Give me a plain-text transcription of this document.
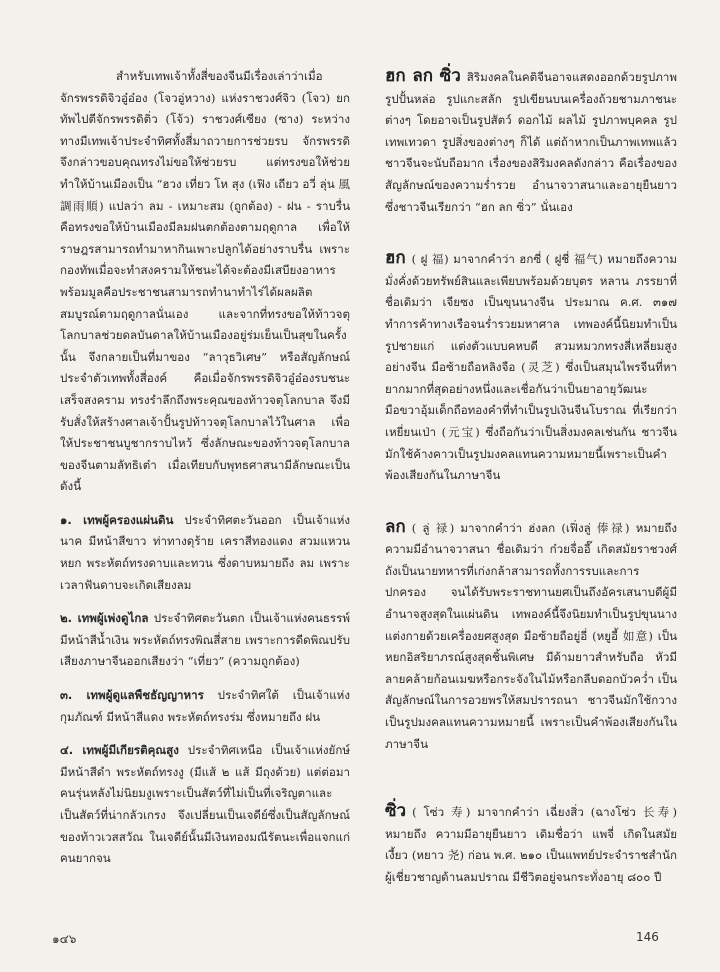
สำหรับเทพเจ้าทั้งสี่ของจีนมีเรื่องเล่าว่าเมื่อจักรพรรดิจิวอู๋อ๋อง (โจวอู่หวาง) แห่งราชวงศ์จิว (โจว) ยกทัพไปตีจักรพรรดิติ่ว (โจ้ว) ราชวงศ์เซียง (ซาง) ระหว่างทางมีเทพเจ้าประจำทิศทั้งสี่มาถวายการช่วยรบ จักรพรรดิจึงกล่าวขอบคุณทรงไม่ขอให้ช่วยรบ แต่ทรงขอให้ช่วยทำให้บ้านเมืองเป็น “ฮวง เที่ยว โห สุง (เฟิง เถียว อวี่ ลุ่น 風調雨順) แปลว่า ลม - เหมาะสม (ถูกต้อง) - ฝน - ราบรื่น คือทรงขอให้บ้านเมืองมีลมฝนตกต้องตามฤดูกาล เพื่อให้ราษฎรสามารถทำมาหากินเพาะปลูกได้อย่างราบรื่น เพราะกองทัพเมื่อจะทำสงครามให้ชนะได้จะต้องมีเสบียงอาหารพร้อมมูลคือประชาชนสามารถทำนาทำไร่ได้ผลผลิตสมบูรณ์ตามฤดูกาลนั่นเอง และจากที่ทรงขอให้ท้าวจตุโลกบาลช่วยดลบันดาลให้บ้านเมืองอยู่ร่มเย็นเป็นสุขในครั้งนั้น จึงกลายเป็นที่มาของ “ลาวุธวิเศษ” หรือสัญลักษณ์ประจำตัวเทพทั้งสี่องค์ คือเมื่อจักรพรรดิจิวอู๋อ๋องรบชนะเสร็จสงคราม ทรงรำลึกถึงพระคุณของท้าวจตุโลกบาล จึงมีรับสั่งให้สร้างศาลเจ้าปั้นรูปท้าวจตุโลกบาลไว้ในศาล เพื่อให้ประชาชนบูชากราบไหว้ ซึ่งลักษณะของท้าวจตุโลกบาลของจีนตามลัทธิเต๋า เมื่อเทียบกับพุทธศาสนามีลักษณะเป็นดังนี้

๑. เทพผู้ครองแผ่นดิน ประจำทิศตะวันออก เป็นเจ้าแห่งนาค มีหน้าสีขาว ท่าทางดุร้าย เคราสีทองแดง สวมแหวนหยก พระหัตถ์ทรงดาบและทวน ซึ่งดาบหมายถึง ลม เพราะเวลาฟันดาบจะเกิดเสียงลม

๒. เทพผู้เพ่งดูไกล ประจำทิศตะวันตก เป็นเจ้าแห่งคนธรรพ์ มีหน้าสีน้ำเงิน พระหัตถ์ทรงพิณสี่สาย เพราะการดีดพิณปรับเสียงภาษาจีนออกเสียงว่า “เที่ยว” (ความถูกต้อง)

๓. เทพผู้ดูแลพืชธัญญาหาร ประจำทิศใต้ เป็นเจ้าแห่งกุมภัณฑ์ มีหน้าสีแดง พระหัตถ์ทรงร่ม ซึ่งหมายถึง ฝน

๔. เทพผู้มีเกียรติคุณสูง ประจำทิศเหนือ เป็นเจ้าแห่งยักษ์ มีหน้าสีดำ พระหัตถ์ทรงงู (มีแส้ ๒ แส้ มีถุงด้วย) แต่ต่อมาคนรุ่นหลังไม่นิยมงูเพราะเป็นสัตว์ที่ไม่เป็นที่เจริญตาและเป็นสัตว์ที่น่ากลัวเกรง จึงเปลี่ยนเป็นเจดีย์ซึ่งเป็นสัญลักษณ์ของท้าวเวสสวัณ ในเจดีย์นั้นมีเงินทองมณีรัตนะเพื่อแจกแก่คนยากจน

ฮก ลก ซิ่ว สิริมงคลในคติจีนอาจแสดงออกด้วยรูปภาพ รูปปั้นหล่อ รูปแกะสลัก รูปเขียนบนเครื่องถ้วยชามภาชนะต่างๆ โดยอาจเป็นรูปสัตว์ ดอกไม้ ผลไม้ รูปภาพบุคคล รูปเทพเทวดา รูปสิ่งของต่างๆ ก็ได้ แต่ถ้าหากเป็นภาพเทพแล้วชาวจีนจะนับถือมาก เรื่องของสิริมงคลดังกล่าว คือเรื่องของสัญลักษณ์ของความร่ำรวย อำนาจวาสนาและอายุยืนยาว ซึ่งชาวจีนเรียกว่า “ฮก ลก ซิ่ว” นั่นเอง

ฮก ( ฝู 福) มาจากคำว่า ฮกซี่ ( ฝูชี่ 福气) หมายถึงความมั่งคั่งด้วยทรัพย์สินและเพียบพร้อมด้วยบุตร หลาน ภรรยาที่ ชื่อเดิมว่า เจียซง เป็นขุนนางจีน ประมาณ ค.ศ. ๓๑๗ ทำการค้าทางเรือจนร่ำรวยมหาศาล เทพองค์นี้นิยมทำเป็นรูปชายแก่ แต่งตัวแบบคหบดี สวมหมวกทรงสี่เหลี่ยมสูงอย่างจีน มือซ้ายถือหลิงจือ (灵芝) ซึ่งเป็นสมุนไพรจีนที่หายากมากที่สุดอย่างหนึ่งและเชื่อกันว่าเป็นยาอายุวัฒนะ มือขวาอุ้มเด็กถือทองคำที่ทำเป็นรูปเงินจีนโบราณ ที่เรียกว่า เหยี่ยนเป่า (元宝) ซึ่งถือกันว่าเป็นสิ่งมงคลเช่นกัน ชาวจีนมักใช้ค้างคาวเป็นรูปมงคลแทนความหมายนี้เพราะเป็นคำพ้องเสียงกันในภาษาจีน

ลก ( ลู่ 禄) มาจากคำว่า ฮ่งลก (เฟิ่งลู่ 俸禄) หมายถึงความมีอำนาจวาสนา ชื่อเดิมว่า ก๋วยจื่ออี๊ เกิดสมัยราชวงศ์ถังเป็นนายทหารที่เก่งกล้าสามารถทั้งการรบและการปกครอง จนได้รับพระราชทานยศเป็นถึงอัครเสนาบดีผู้มีอำนาจสูงสุดในแผ่นดิน เทพองค์นี้จึงนิยมทำเป็นรูปขุนนางแต่งกายด้วยเครื่องยศสูงสุด มือซ้ายถือยู่อี่ (หยูอี้ 如意) เป็นหยกอิสริยาภรณ์สูงสุดชิ้นพิเศษ มีด้ามยาวสำหรับถือ หัวมีลายคล้ายก้อนเมฆหรือกระจังในไม้หรือกลีบดอกบัวคว่ำ เป็นสัญลักษณ์ในการอวยพรให้สมปรารถนา ชาวจีนมักใช้กวางเป็นรูปมงคลแทนความหมายนี้ เพราะเป็นคำพ้องเสียงกันในภาษาจีน

ซิ่ว ( โซ่ว 寿) มาจากคำว่า เฉี่ยงสิ่ว (ฉางโซ่ว 长寿) หมายถึง ความมีอายุยืนยาว เดิมชื่อว่า แพจี่ เกิดในสมัยเงี้ยว (หยาว 尧) ก่อน พ.ศ. ๒๑๐ เป็นแพทย์ประจำราชสำนักผู้เชี่ยวชาญด้านลมปราณ มีชีวิตอยู่จนกระทั่งอายุ ๘๐๐ ปี

๑๔๖	146
